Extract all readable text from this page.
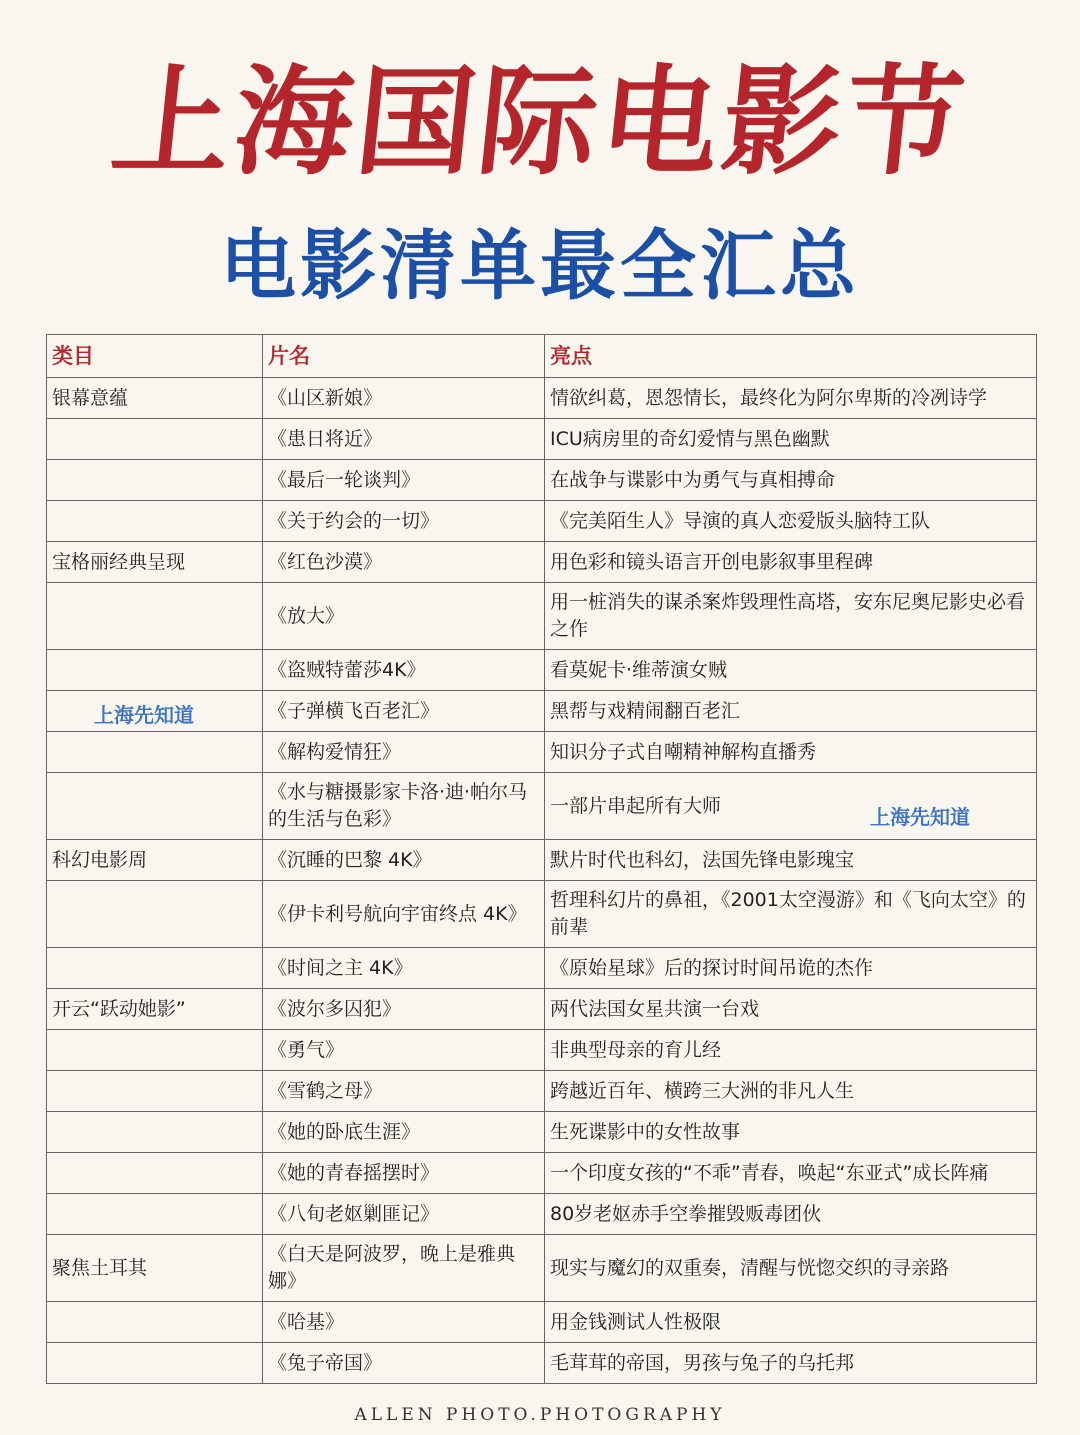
上海国际电影节
电影清单最全汇总
类目	片名	亮点
银幕意蕴	《山区新娘》	情欲纠葛，恩怨情长，最终化为阿尔卑斯的冷冽诗学
	《患日将近》	ICU病房里的奇幻爱情与黑色幽默
	《最后一轮谈判》	在战争与谍影中为勇气与真相搏命
	《关于约会的一切》	《完美陌生人》导演的真人恋爱版头脑特工队
宝格丽经典呈现	《红色沙漠》	用色彩和镜头语言开创电影叙事里程碑
	《放大》	用一桩消失的谋杀案炸毁理性高塔，安东尼奥尼影史必看之作
	《盗贼特蕾莎4K》	看莫妮卡·维蒂演女贼
	《子弹横飞百老汇》	黑帮与戏精闹翻百老汇
	《解构爱情狂》	知识分子式自嘲精神解构直播秀
	《水与糖摄影家卡洛·迪·帕尔马的生活与色彩》	一部片串起所有大师
科幻电影周	《沉睡的巴黎 4K》	默片时代也科幻，法国先锋电影瑰宝
	《伊卡利号航向宇宙终点 4K》	哲理科幻片的鼻祖，《2001太空漫游》和《飞向太空》的前辈
	《时间之主 4K》	《原始星球》后的探讨时间吊诡的杰作
开云“跃动她影”	《波尔多囚犯》	两代法国女星共演一台戏
	《勇气》	非典型母亲的育儿经
	《雪鹤之母》	跨越近百年、横跨三大洲的非凡人生
	《她的卧底生涯》	生死谍影中的女性故事
	《她的青春摇摆时》	一个印度女孩的“不乖”青春，唤起“东亚式”成长阵痛
	《八旬老妪剿匪记》	80岁老妪赤手空拳摧毁贩毒团伙
聚焦土耳其	《白天是阿波罗，晚上是雅典娜》	现实与魔幻的双重奏，清醒与恍惚交织的寻亲路
	《哈基》	用金钱测试人性极限
	《兔子帝国》	毛茸茸的帝国，男孩与兔子的乌托邦
上海先知道
上海先知道
ALLEN PHOTO.PHOTOGRAPHY
